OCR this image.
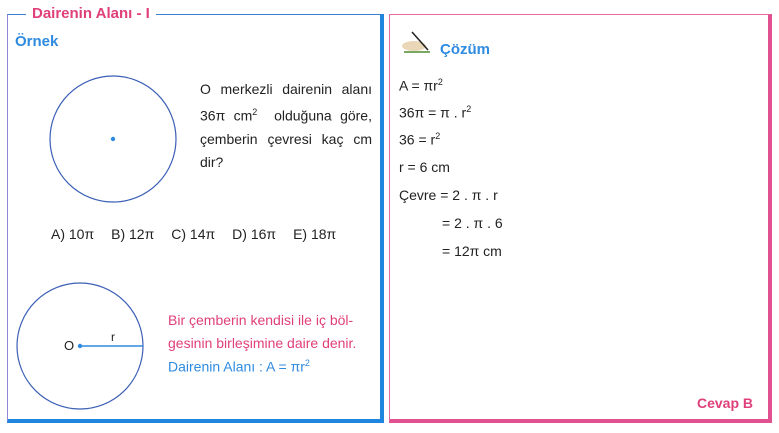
Dairenin Alanı - I
Örnek
O
r
O merkezli dairenin alanı
36π $cm^2$ olduğuna göre,
çemberin çevresi kaç cm
dir?
A) 10π B) 12π C) 14π D) 16π E) 18π
Bir çemberin kendisi ile iç böl-
gesinin birleşimine daire denir.
Dairenin Alanı : $A = \pi r^2$
Çözüm
$A = \pi r^2$
36π = π . $r^2$
$36 = r^2$
r = 6 cm
Çevre = 2 . π . r
= 2 . π . 6
= 12π cm
Cevap B
